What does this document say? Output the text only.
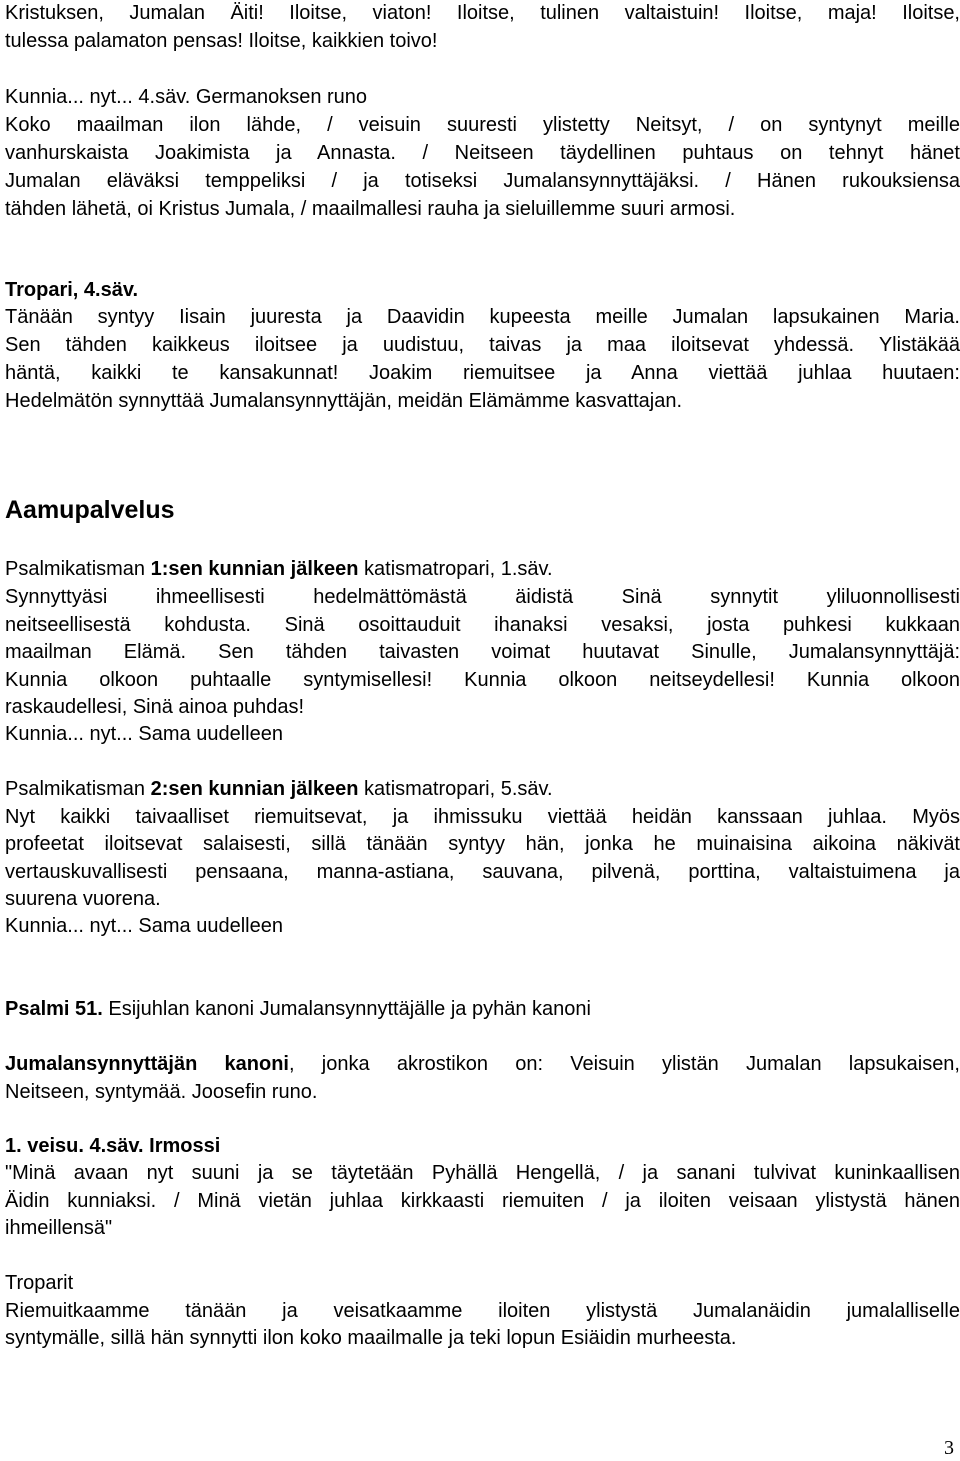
Kristuksen, Jumalan Äiti! Iloitse, viaton! Iloitse, tulinen valtaistuin! Iloitse, maja! Iloitse,
tulessa palamaton pensas! Iloitse, kaikkien toivo!
Kunnia... nyt... 4.säv. Germanoksen runo
Koko maailman ilon lähde, / veisuin suuresti ylistetty Neitsyt, / on syntynyt meille
vanhurskaista Joakimista ja Annasta. / Neitseen täydellinen puhtaus on tehnyt hänet
Jumalan eläväksi temppeliksi / ja totiseksi Jumalansynnyttäjäksi. / Hänen rukouksiensa
tähden lähetä, oi Kristus Jumala, / maailmallesi rauha ja sieluillemme suuri armosi.
Tropari, 4.säv.
Tänään syntyy Iisain juuresta ja Daavidin kupeesta meille Jumalan lapsukainen Maria.
Sen tähden kaikkeus iloitsee ja uudistuu, taivas ja maa iloitsevat yhdessä. Ylistäkää
häntä, kaikki te kansakunnat! Joakim riemuitsee ja Anna viettää juhlaa huutaen:
Hedelmätön synnyttää Jumalansynnyttäjän, meidän Elämämme kasvattajan.
Aamupalvelus
Psalmikatisman 1:sen kunnian jälkeen katismatropari, 1.säv.
Synnyttyäsi ihmeellisesti hedelmättömästä äidistä Sinä synnytit yliluonnollisesti
neitseellisestä kohdusta. Sinä osoittauduit ihanaksi vesaksi, josta puhkesi kukkaan
maailman Elämä. Sen tähden taivasten voimat huutavat Sinulle, Jumalansynnyttäjä:
Kunnia olkoon puhtaalle syntymisellesi! Kunnia olkoon neitseydellesi! Kunnia olkoon
raskaudellesi, Sinä ainoa puhdas!
Kunnia... nyt... Sama uudelleen
Psalmikatisman 2:sen kunnian jälkeen katismatropari, 5.säv.
Nyt kaikki taivaalliset riemuitsevat, ja ihmissuku viettää heidän kanssaan juhlaa. Myös
profeetat iloitsevat salaisesti, sillä tänään syntyy hän, jonka he muinaisina aikoina näkivät
vertauskuvallisesti pensaana, manna-astiana, sauvana, pilvenä, porttina, valtaistuimena ja
suurena vuorena.
Kunnia... nyt... Sama uudelleen
Psalmi 51. Esijuhlan kanoni Jumalansynnyttäjälle ja pyhän kanoni
Jumalansynnyttäjän kanoni, jonka akrostikon on: Veisuin ylistän Jumalan lapsukaisen,
Neitseen, syntymää. Joosefin runo.
1. veisu. 4.säv. Irmossi
"Minä avaan nyt suuni ja se täytetään Pyhällä Hengellä, / ja sanani tulvivat kuninkaallisen
Äidin kunniaksi. / Minä vietän juhlaa kirkkaasti riemuiten / ja iloiten veisaan ylistystä hänen
ihmeillensä"
Troparit
Riemuitkaamme tänään ja veisatkaamme iloiten ylistystä Jumalanäidin jumalalliselle
syntymälle, sillä hän synnytti ilon koko maailmalle ja teki lopun Esiäidin murheesta.
3
